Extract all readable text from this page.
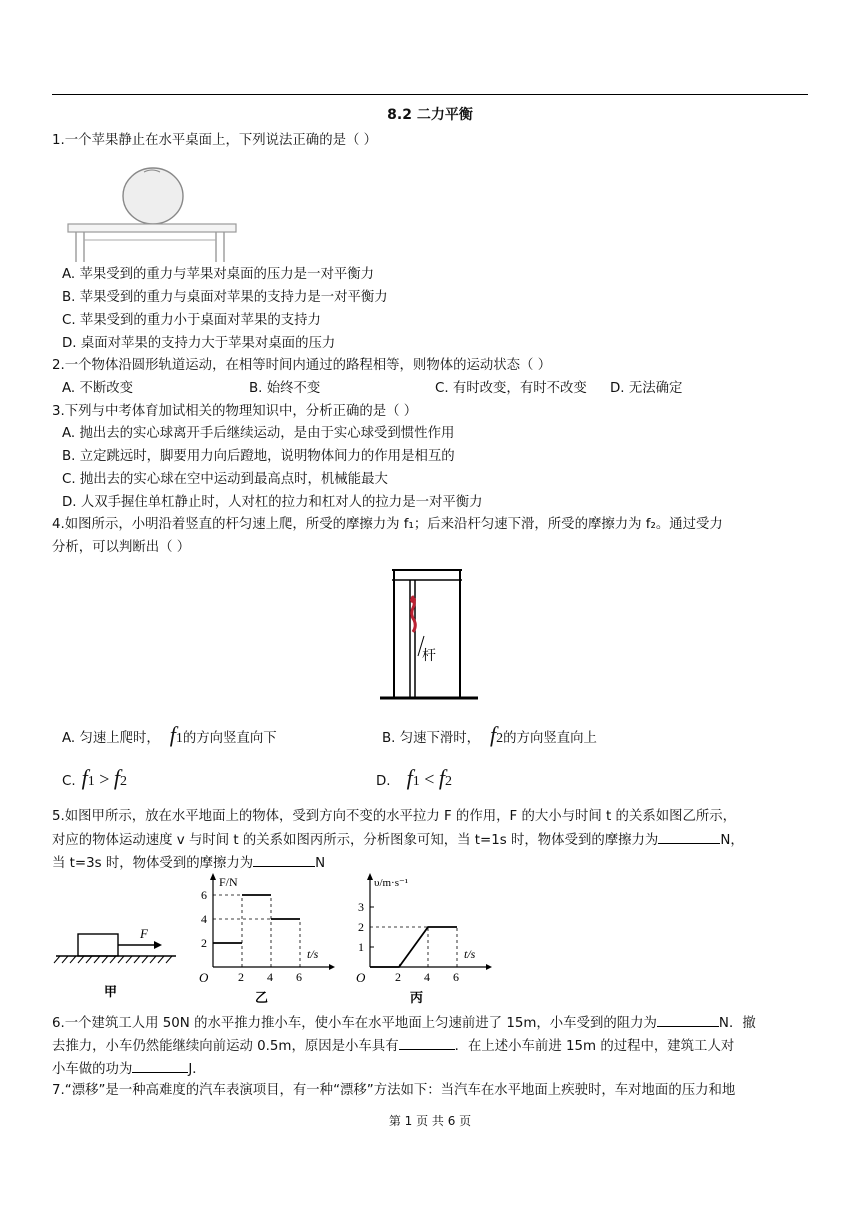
8.2 二力平衡
1.一个苹果静止在水平桌面上，下列说法正确的是（ ）
A. 苹果受到的重力与苹果对桌面的压力是一对平衡力
B. 苹果受到的重力与桌面对苹果的支持力是一对平衡力
C. 苹果受到的重力小于桌面对苹果的支持力
D. 桌面对苹果的支持力大于苹果对桌面的压力
2.一个物体沿圆形轨道运动，在相等时间内通过的路程相等，则物体的运动状态（ ）
A. 不断改变	B. 始终不变	C. 有时改变，有时不改变 D. 无法确定
3.下列与中考体育加试相关的物理知识中，分析正确的是（ ）
A. 抛出去的实心球离开手后继续运动，是由于实心球受到惯性作用
B. 立定跳远时，脚要用力向后蹬地，说明物体间力的作用是相互的
C. 抛出去的实心球在空中运动到最高点时，机械能最大
D. 人双手握住单杠静止时，人对杠的拉力和杠对人的拉力是一对平衡力
4.如图所示，小明沿着竖直的杆匀速上爬，所受的摩擦力为 f₁；后来沿杆匀速下滑，所受的摩擦力为 f₂。通过受力
分析，可以判断出（ ）
杆
A. 匀速上爬时， f1的方向竖直向下	B. 匀速下滑时， f2的方向竖直向上
C. f1 > f2	D. f1 < f2
5.如图甲所示，放在水平地面上的物体，受到方向不变的水平拉力 F 的作用，F 的大小与时间 t 的关系如图乙所示，
对应的物体运动速度 v 与时间 t 的关系如图丙所示，分析图象可知，当 t=1s 时，物体受到的摩擦力为	N，
当 t=3s 时，物体受到的摩擦力为	N
F
甲
2
4
6
2 4 6
F/N
t/s
O
乙
1
2
3
2 4 6
υ/m·s⁻¹
t/s
O
丙
6.一个建筑工人用 50N 的水平推力推小车，使小车在水平地面上匀速前进了 15m，小车受到的阻力为	N．撤
去推力，小车仍然能继续向前运动 0.5m，原因是小车具有	．在上述小车前进 15m 的过程中，建筑工人对
小车做的功为	J．
7.“漂移”是一种高难度的汽车表演项目，有一种“漂移”方法如下：当汽车在水平地面上疾驶时，车对地面的压力和地
第 1 页 共 6 页
